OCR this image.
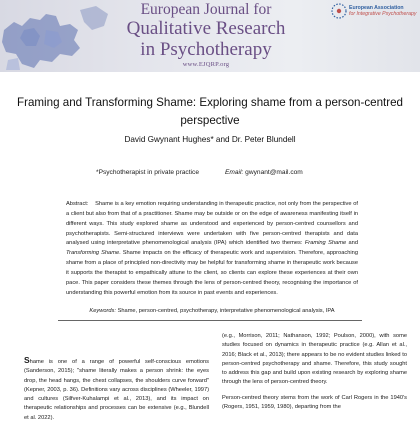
European Journal for
Qualitative Research
in Psychotherapy
www.EJQRP.org
European Association
for Integrative Psychotherapy
Framing and Transforming Shame: Exploring shame from a person-centred perspective
David Gwynant Hughes* and Dr. Peter Blundell
*Psychotherapist in private practice	Email: gwynant@mail.com
Abstract: Shame is a key emotion requiring understanding in therapeutic practice, not only from the perspective of a client but also from that of a practitioner. Shame may be outside or on the edge of awareness manifesting itself in different ways. This study explored shame as understood and experienced by person-centred counsellors and psychotherapists. Semi-structured interviews were undertaken with five person-centred therapists and data analysed using interpretative phenomenological analysis (IPA) which identified two themes: Framing Shame and Transforming Shame. Shame impacts on the efficacy of therapeutic work and supervision. Therefore, approaching shame from a place of principled non-directivity may be helpful for transforming shame in therapeutic work because it supports the therapist to empathically attune to the client, so clients can explore these experiences at their own pace. This paper considers these themes through the lens of person-centred theory, recognising the importance of understanding this powerful emotion from its source in past events and experiences.
Keywords: Shame, person-centred, psychotherapy, interpretative phenomenological analysis, IPA
Shame is one of a range of powerful self-conscious emotions (Sanderson, 2015); "shame literally makes a person shrink: the eyes drop, the head hangs, the chest collapses, the shoulders curve forward" (Kepner, 2003, p. 36). Definitions vary across disciplines (Wheeler, 1997) and cultures (Silfver-Kuhalampi et al., 2013), and its impact on therapeutic relationships and processes can be extensive (e.g., Blundell et al. 2022).
(e.g., Morrison, 2011; Nathanson, 1992; Poulson, 2000), with some studies focused on dynamics in therapeutic practice (e.g. Allan et al., 2016; Black et al., 2013); there appears to be no evident studies linked to person-centred psychotherapy and shame. Therefore, this study sought to address this gap and build upon existing research by exploring shame through the lens of person-centred theory.
Person-centred theory stems from the work of Carl Rogers in the 1940's (Rogers, 1951, 1959, 1980), departing from the
